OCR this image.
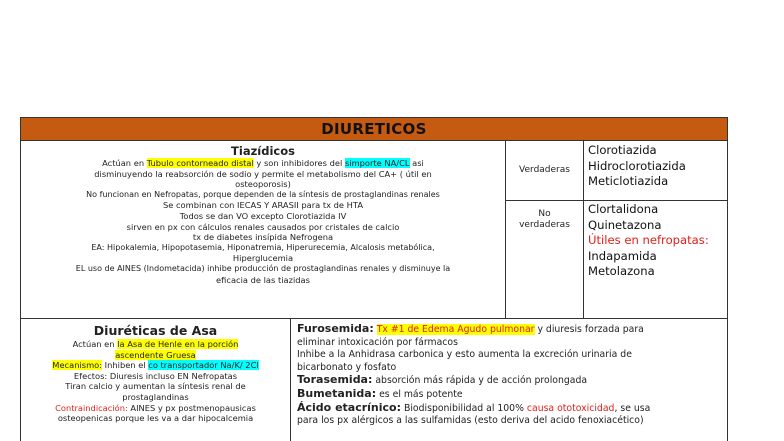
DIURETICOS
Tiazídicos
Actúan en Tubulo contorneado distal y son inhibidores del simporte NA/CL asi
disminuyendo la reabsorción de sodio y permite el metabolismo del CA+ ( útil en
osteoporosis)
No funcionan en Nefropatas, porque dependen de la síntesis de prostaglandinas renales
Se combinan con IECAS Y ARASII para tx de HTA
Todos se dan VO excepto Clorotiazida IV
sirven en px con cálculos renales causados por cristales de calcio
tx de diabetes insípida Nefrogena
EA: Hipokalemia, Hipopotasemia, Hiponatremia, Hiperurecemia, Alcalosis metabólica,
Hiperglucemia
EL uso de AINES (Indometacida) inhibe producción de prostaglandinas renales y disminuye la
eficacia de las tiazidas
Verdaderas
Clorotiazida
Hidroclorotiazida
Meticlotiazida
No
verdaderas
Clortalidona
Quinetazona
Útiles en nefropatas:
Indapamida
Metolazona
Diuréticas de Asa
Actúan en la Asa de Henle en la porción
ascendente Gruesa
Mecanismo: Inhiben el co transportador Na/K/ 2Cl
Efectos: Diuresis incluso EN Nefropatas
Tiran calcio y aumentan la síntesis renal de
prostaglandinas
Contraindicación: AINES y px postmenopausicas
osteopenicas porque les va a dar hipocalcemia
Furosemida: Tx #1 de Edema Agudo pulmonar y diuresis forzada para
eliminar intoxicación por fármacos
Inhibe a la Anhidrasa carbonica y esto aumenta la excreción urinaria de
bicarbonato y fosfato
Torasemida: absorción más rápida y de acción prolongada
Bumetanida: es el más potente
Ácido etacrínico: Biodisponibilidad al 100% causa ototoxicidad, se usa
para los px alérgicos a las sulfamidas (esto deriva del acido fenoxiacético)
